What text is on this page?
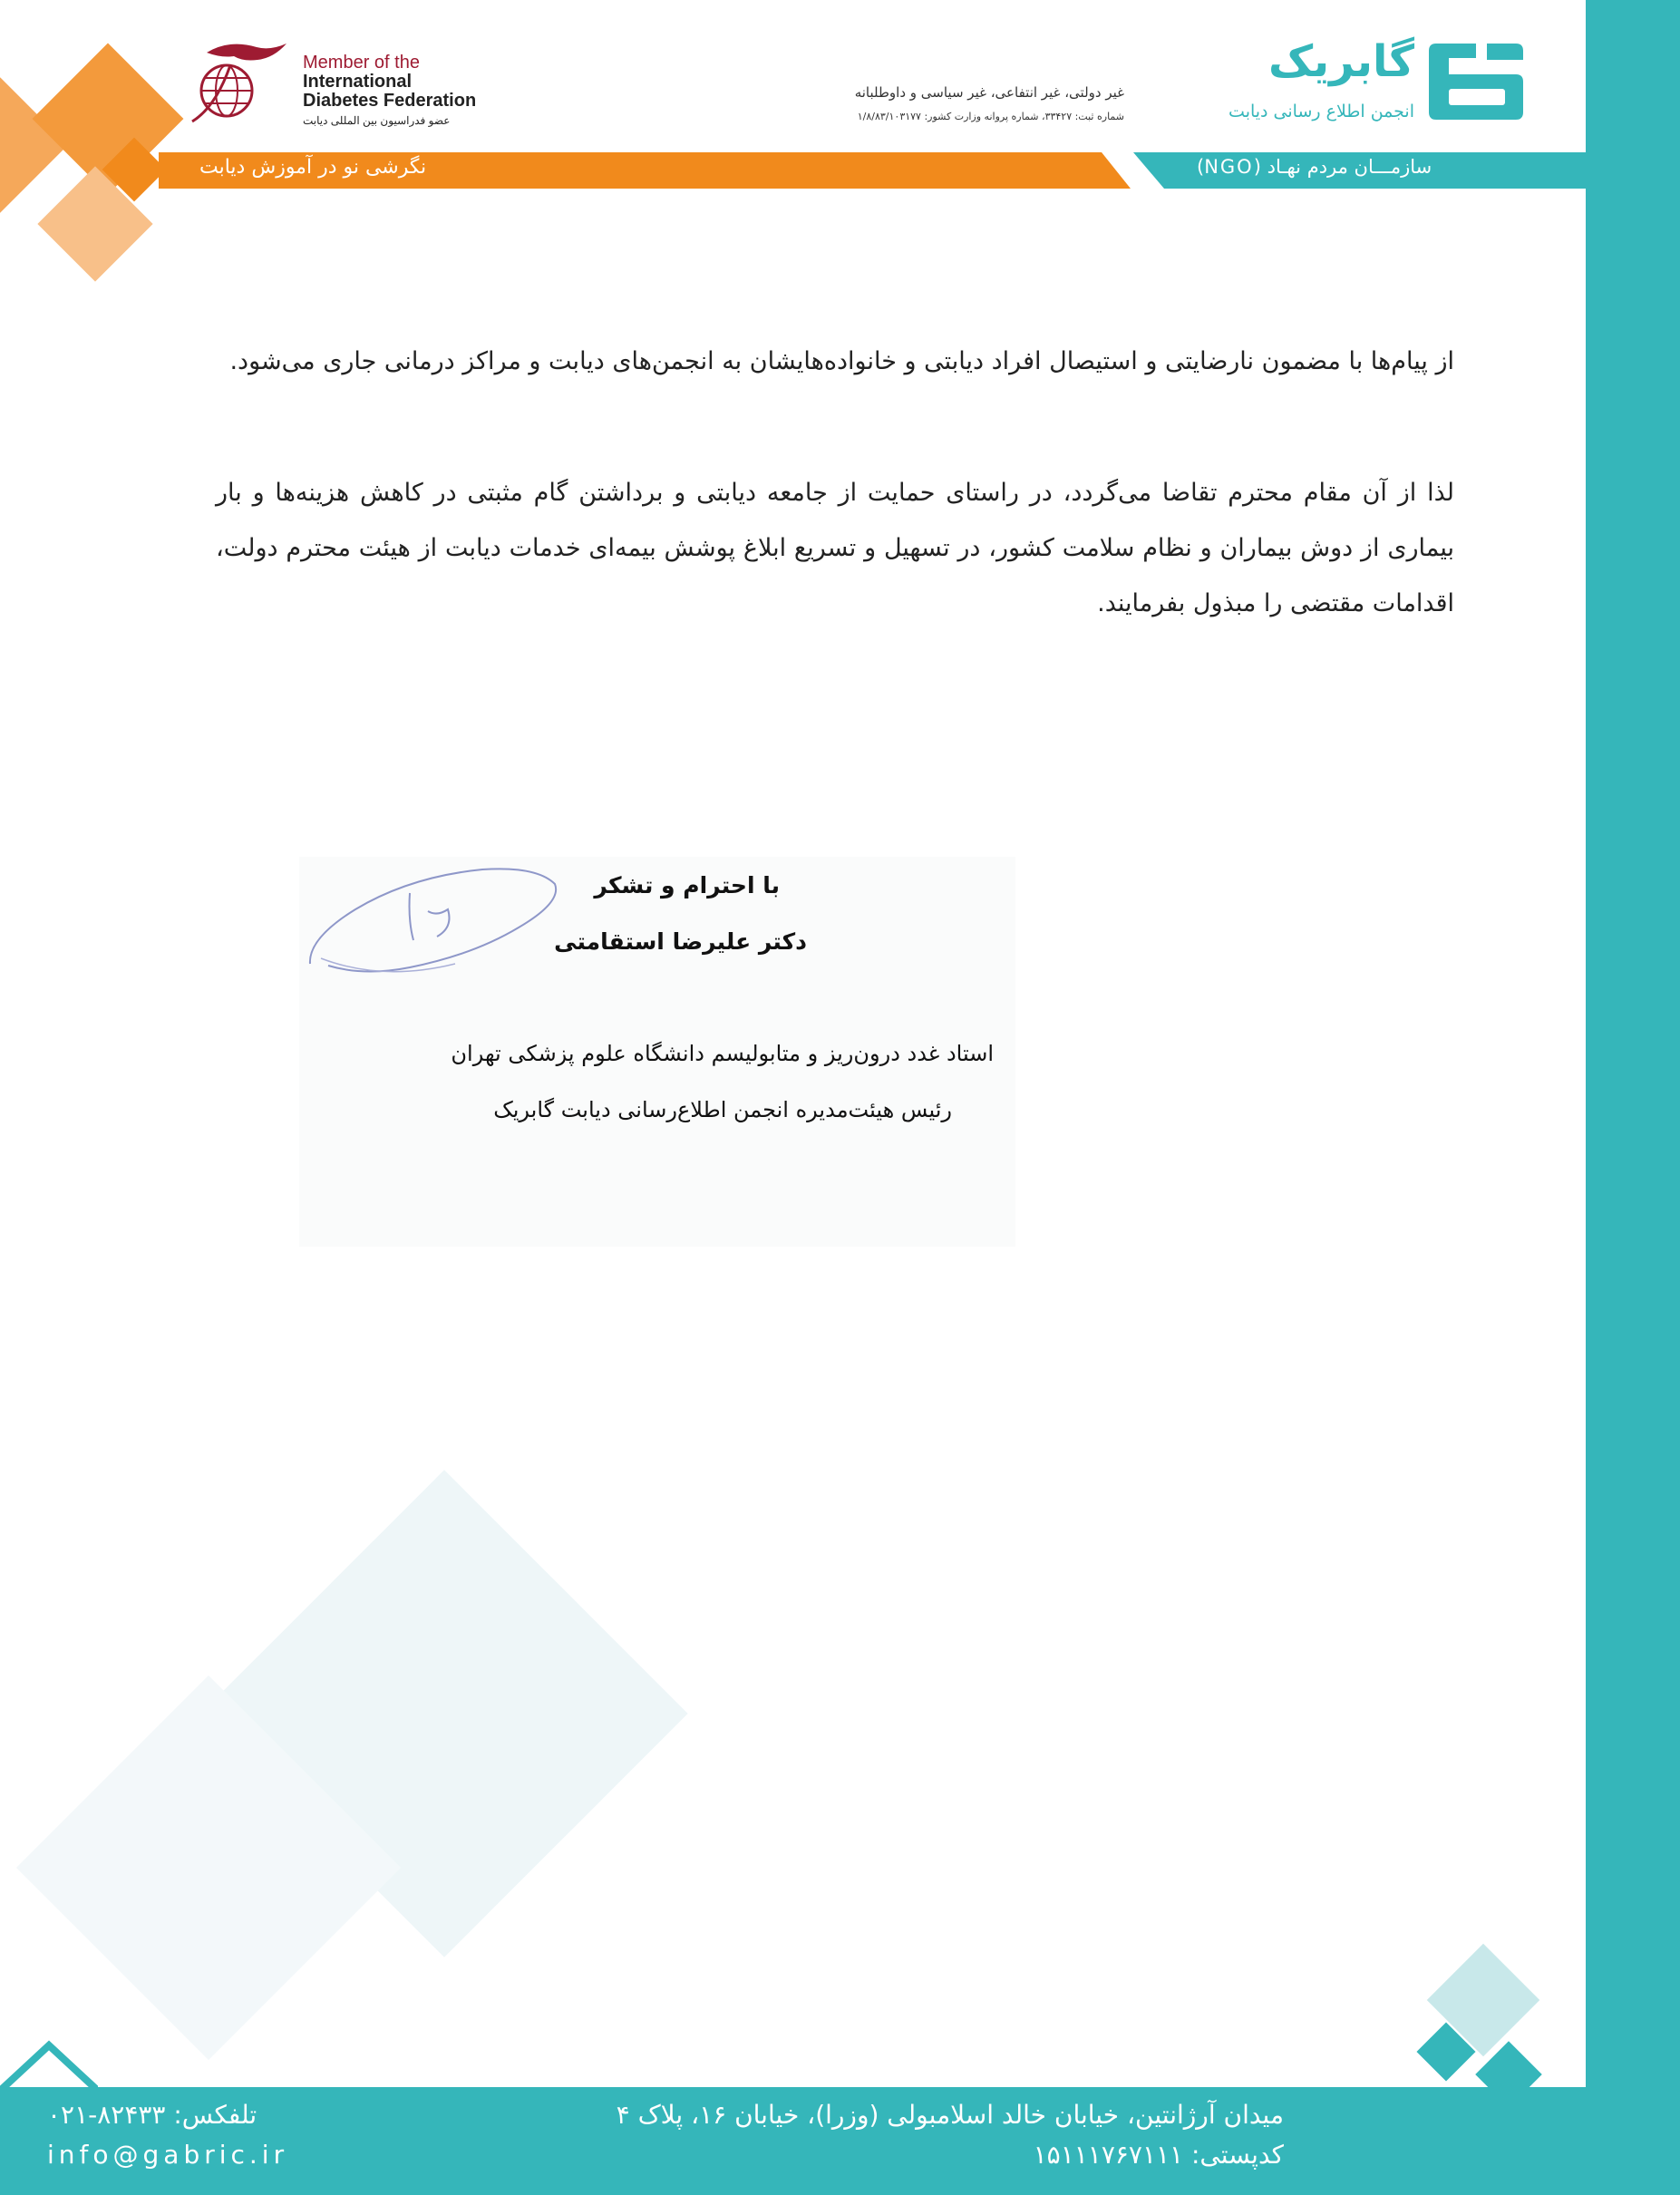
Member of the
International
Diabetes Federation
عضو فدراسیون بین المللی دیابت
غیر دولتی، غیر انتفاعی، غیر سیاسی و داوطلبانه
شماره ثبت: ۳۳۴۲۷، شماره پروانه وزارت کشور: ۱/۸/۸۳/۱۰۳۱۷۷
گابریک
انجمن اطلاع رسانی دیابت
نگرشی نو در آموزش دیابت	سازمـــان مردم نهـاد (NGO)
از پیام‌ها با مضمون نارضایتی و استیصال افراد دیابتی و خانواده‌هایشان به انجمن‌های دیابت و مراکز درمانی جاری می‌شود.
لذا از آن مقام محترم تقاضا می‌گردد، در راستای حمایت از جامعه دیابتی و برداشتن گام مثبتی در کاهش هزینه‌ها و بار بیماری از دوش بیماران و نظام سلامت کشور، در تسهیل و تسریع ابلاغ پوشش بیمه‌ای خدمات دیابت از هیئت محترم دولت، اقدامات مقتضی را مبذول بفرمایند.
با احترام و تشکر
دکتر علیرضا استقامتی
استاد غدد درون‌ریز و متابولیسم دانشگاه علوم پزشکی تهران
رئیس هیئت‌مدیره انجمن اطلاع‌رسانی دیابت گابریک
میدان آرژانتین، خیابان خالد اسلامبولی (وزرا)، خیابان ۱۶، پلاک ۴
کدپستی: ۱۵۱۱۱۷۶۷۱۱۱
تلفکس: ۸۲۴۳۳-۰۲۱
info@gabric.ir
